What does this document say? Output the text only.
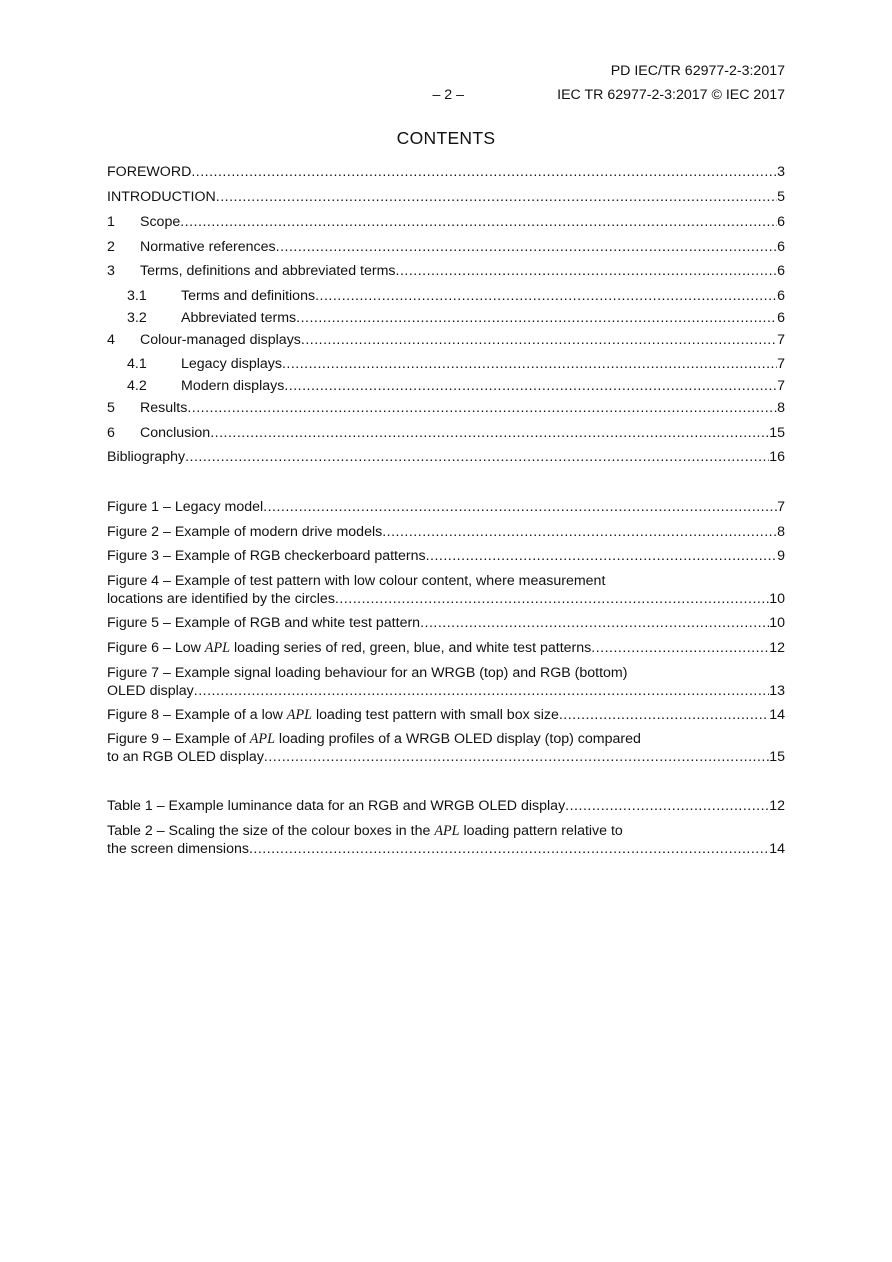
PD IEC/TR 62977-2-3:2017
– 2 –	IEC TR 62977-2-3:2017 © IEC 2017
CONTENTS
FOREWORD .....	3
INTRODUCTION .....	5
1	Scope .....	6
2	Normative references .....	6
3	Terms, definitions and abbreviated terms .....	6
3.1	Terms and definitions .....	6
3.2	Abbreviated terms .....	6
4	Colour-managed displays .....	7
4.1	Legacy displays .....	7
4.2	Modern displays .....	7
5	Results .....	8
6	Conclusion .....	15
Bibliography .....	16
Figure 1 – Legacy model .....	7
Figure 2 – Example of modern drive models .....	8
Figure 3 – Example of RGB checkerboard patterns .....	9
Figure 4 – Example of test pattern with low colour content, where measurement
locations are identified by the circles .....	10
Figure 5 – Example of RGB and white test pattern .....	10
Figure 6 – Low APL loading series of red, green, blue, and white test patterns .....	12
Figure 7 – Example signal loading behaviour for an WRGB (top) and RGB (bottom)
OLED display .....	13
Figure 8 – Example of a low APL loading test pattern with small box size .....	14
Figure 9 – Example of APL loading profiles of a WRGB OLED display (top) compared
to an RGB OLED display .....	15
Table 1 – Example luminance data for an RGB and WRGB OLED display .....	12
Table 2 – Scaling the size of the colour boxes in the APL loading pattern relative to
the screen dimensions .....	14
